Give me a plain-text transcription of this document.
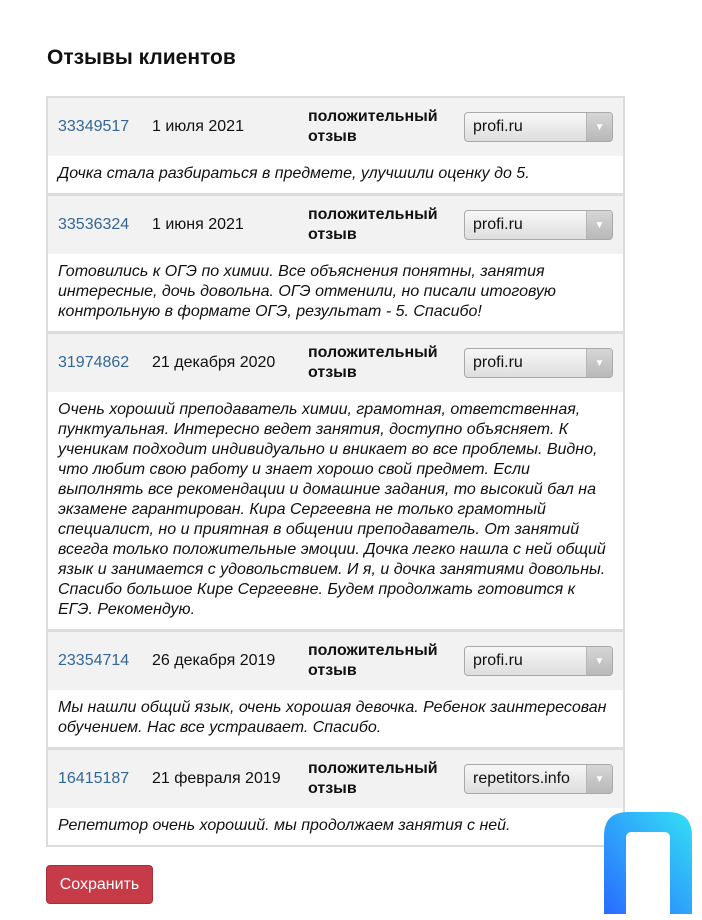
Отзывы клиентов
33349517	1 июля 2021
положительный отзыв
profi.ru	▼

Дочка стала разбираться в предмете, улучшили оценку до 5.

33536324	1 июня 2021
положительный отзыв
profi.ru	▼

Готовились к ОГЭ по химии. Все объяснения понятны, занятия интересные, дочь довольна. ОГЭ отменили, но писали итоговую контрольную в формате ОГЭ, результат - 5. Спасибо!

31974862	21 декабря 2020
положительный отзыв
profi.ru	▼

Очень хороший преподаватель химии, грамотная, ответственная, пунктуальная. Интересно ведет занятия, доступно объясняет. К ученикам подходит индивидуально и вникает во все проблемы. Видно, что любит свою работу и знает хорошо свой предмет. Если выполнять все рекомендации и домашние задания, то высокий бал на экзамене гарантирован. Кира Сергеевна не только грамотный специалист, но и приятная в общении преподаватель. От занятий всегда только положительные эмоции. Дочка легко нашла с ней общий язык и занимается с удовольствием. И я, и дочка занятиями довольны. Спасибо большое Кире Сергеевне. Будем продолжать готовится к ЕГЭ. Рекомендую.

23354714	26 декабря 2019
положительный отзыв
profi.ru	▼

Мы нашли общий язык, очень хорошая девочка. Ребенок заинтересован обучением. Нас все устраивает. Спасибо.

16415187	21 февраля 2019
положительный отзыв
repetitors.info	▼

Репетитор очень хороший. мы продолжаем занятия с ней.

Сохранить
